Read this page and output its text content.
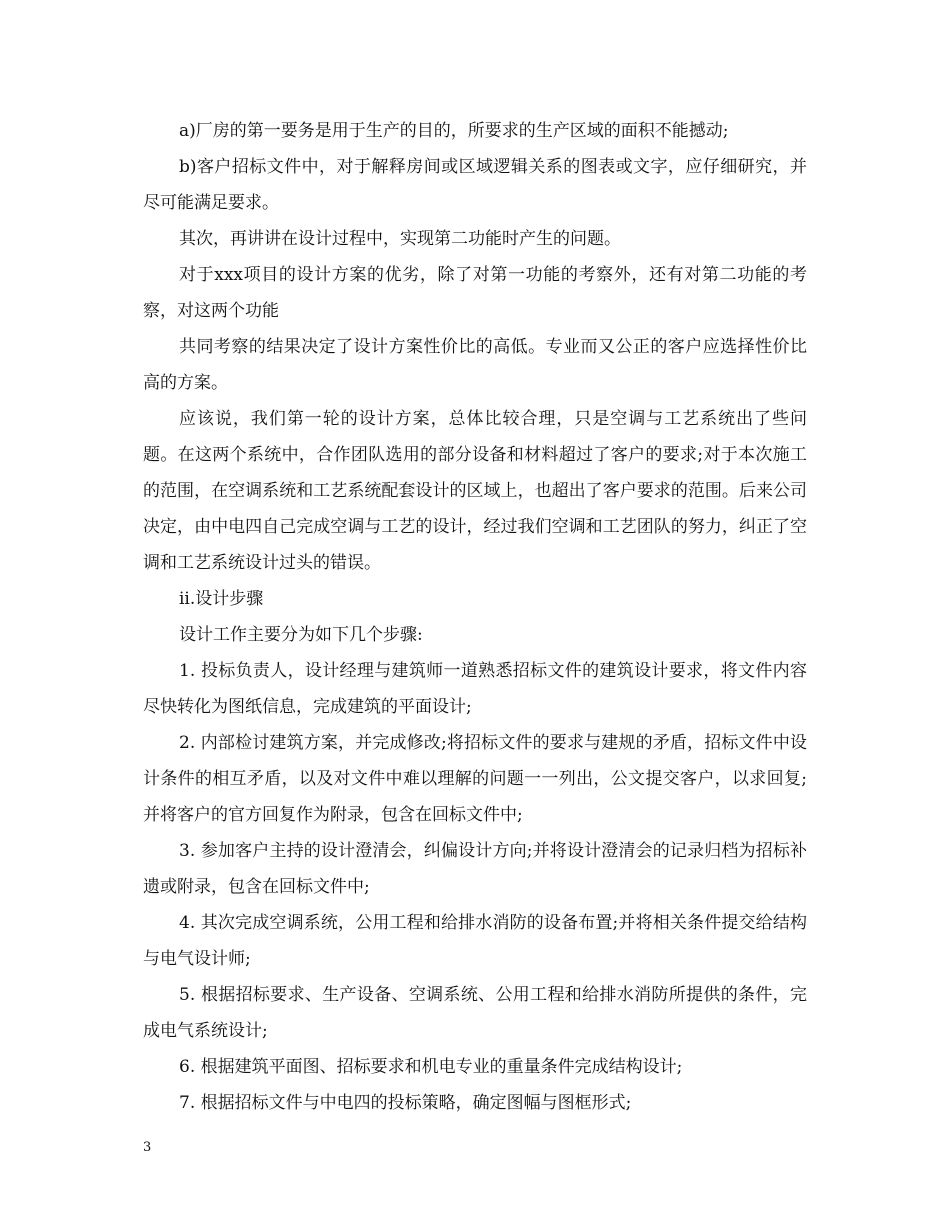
a)厂房的第一要务是用于生产的目的，所要求的生产区域的面积不能撼动;

b)客户招标文件中，对于解释房间或区域逻辑关系的图表或文字，应仔细研究，并尽可能满足要求。

其次，再讲讲在设计过程中，实现第二功能时产生的问题。

对于xxx项目的设计方案的优劣，除了对第一功能的考察外，还有对第二功能的考察，对这两个功能

共同考察的结果决定了设计方案性价比的高低。专业而又公正的客户应选择性价比高的方案。

应该说，我们第一轮的设计方案，总体比较合理，只是空调与工艺系统出了些问题。在这两个系统中，合作团队选用的部分设备和材料超过了客户的要求;对于本次施工的范围，在空调系统和工艺系统配套设计的区域上，也超出了客户要求的范围。后来公司决定，由中电四自己完成空调与工艺的设计，经过我们空调和工艺团队的努力，纠正了空调和工艺系统设计过头的错误。

ii.设计步骤

设计工作主要分为如下几个步骤:

1. 投标负责人，设计经理与建筑师一道熟悉招标文件的建筑设计要求，将文件内容尽快转化为图纸信息，完成建筑的平面设计;

2. 内部检讨建筑方案，并完成修改;将招标文件的要求与建规的矛盾，招标文件中设计条件的相互矛盾，以及对文件中难以理解的问题一一列出，公文提交客户，以求回复;并将客户的官方回复作为附录，包含在回标文件中;

3. 参加客户主持的设计澄清会，纠偏设计方向;并将设计澄清会的记录归档为招标补遗或附录，包含在回标文件中;

4. 其次完成空调系统，公用工程和给排水消防的设备布置;并将相关条件提交给结构与电气设计师;

5. 根据招标要求、生产设备、空调系统、公用工程和给排水消防所提供的条件，完成电气系统设计;

6. 根据建筑平面图、招标要求和机电专业的重量条件完成结构设计;

7. 根据招标文件与中电四的投标策略，确定图幅与图框形式;

3
